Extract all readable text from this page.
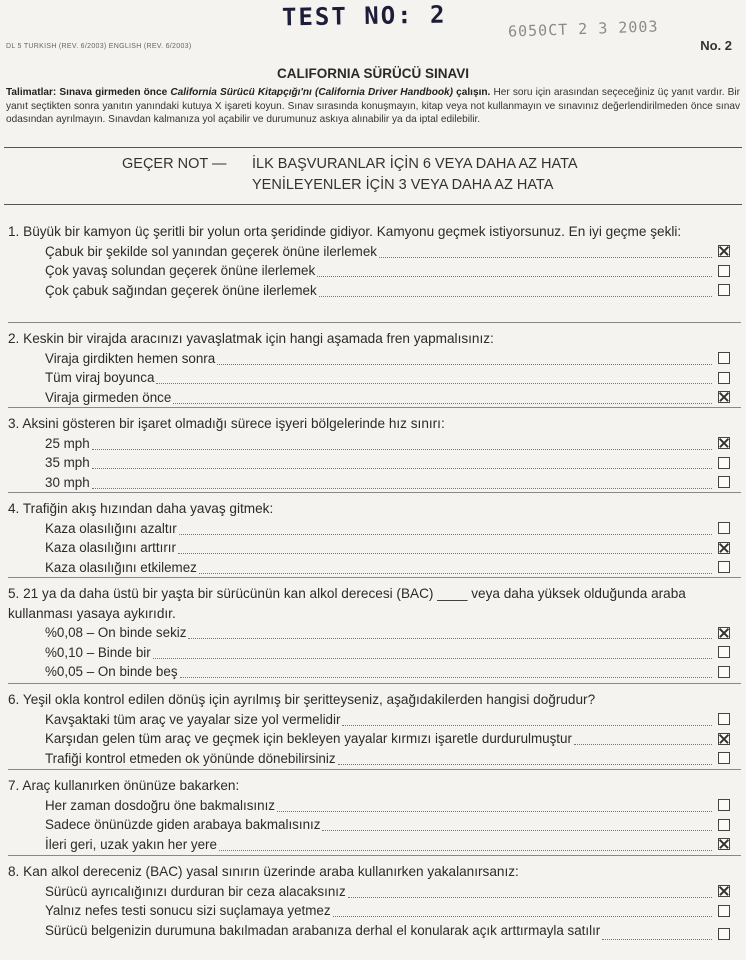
TEST NO: 2	6050CT 2 3 2003
DL 5 TURKISH (REV. 6/2003) ENGLISH (REV. 6/2003)	No. 2
CALIFORNIA SÜRÜCÜ SINAVI
Talimatlar: Sınava girmeden önce California Sürücü Kitapçığı'nı (California Driver Handbook) çalışın. Her soru için arasından seçeceğiniz üç yanıt vardır. Bir yanıt seçtikten sonra yanıtın yanındaki kutuya X işareti koyun. Sınav sırasında konuşmayın, kitap veya not kullanmayın ve sınavınız değerlendirilmeden önce sınav odasından ayrılmayın. Sınavdan kalmanıza yol açabilir ve durumunuz askıya alınabilir ya da iptal edilebilir.
GEÇER NOT — İLK BAŞVURANLAR İÇİN 6 VEYA DAHA AZ HATA
YENİLEYENLER İÇİN 3 VEYA DAHA AZ HATA
1. Büyük bir kamyon üç şeritli bir yolun orta şeridinde gidiyor. Kamyonu geçmek istiyorsunuz. En iyi geçme şekli:
Çabuk bir şekilde sol yanından geçerek önüne ilerlemek
Çok yavaş solundan geçerek önüne ilerlemek
Çok çabuk sağından geçerek önüne ilerlemek
2. Keskin bir virajda aracınızı yavaşlatmak için hangi aşamada fren yapmalısınız:
Viraja girdikten hemen sonra
Tüm viraj boyunca
Viraja girmeden önce
3. Aksini gösteren bir işaret olmadığı sürece işyeri bölgelerinde hız sınırı:
25 mph
35 mph
30 mph
4. Trafiğin akış hızından daha yavaş gitmek:
Kaza olasılığını azaltır
Kaza olasılığını arttırır
Kaza olasılığını etkilemez
5. 21 ya da daha üstü bir yaşta bir sürücünün kan alkol derecesi (BAC) ____ veya daha yüksek olduğunda araba kullanması yasaya aykırıdır.
%0,08 – On binde sekiz
%0,10 – Binde bir
%0,05 – On binde beş
6. Yeşil okla kontrol edilen dönüş için ayrılmış bir şeritteyseniz, aşağıdakilerden hangisi doğrudur?
Kavşaktaki tüm araç ve yayalar size yol vermelidir
Karşıdan gelen tüm araç ve geçmek için bekleyen yayalar kırmızı işaretle durdurulmuştur
Trafiği kontrol etmeden ok yönünde dönebilirsiniz
7. Araç kullanırken önünüze bakarken:
Her zaman dosdoğru öne bakmalısınız
Sadece önünüzde giden arabaya bakmalısınız
İleri geri, uzak yakın her yere
8. Kan alkol dereceniz (BAC) yasal sınırın üzerinde araba kullanırken yakalanırsanız:
Sürücü ayrıcalığınızı durduran bir ceza alacaksınız
Yalnız nefes testi sonucu sizi suçlamaya yetmez
Sürücü belgenizin durumuna bakılmadan arabanıza derhal el konularak açık arttırmayla satılır
